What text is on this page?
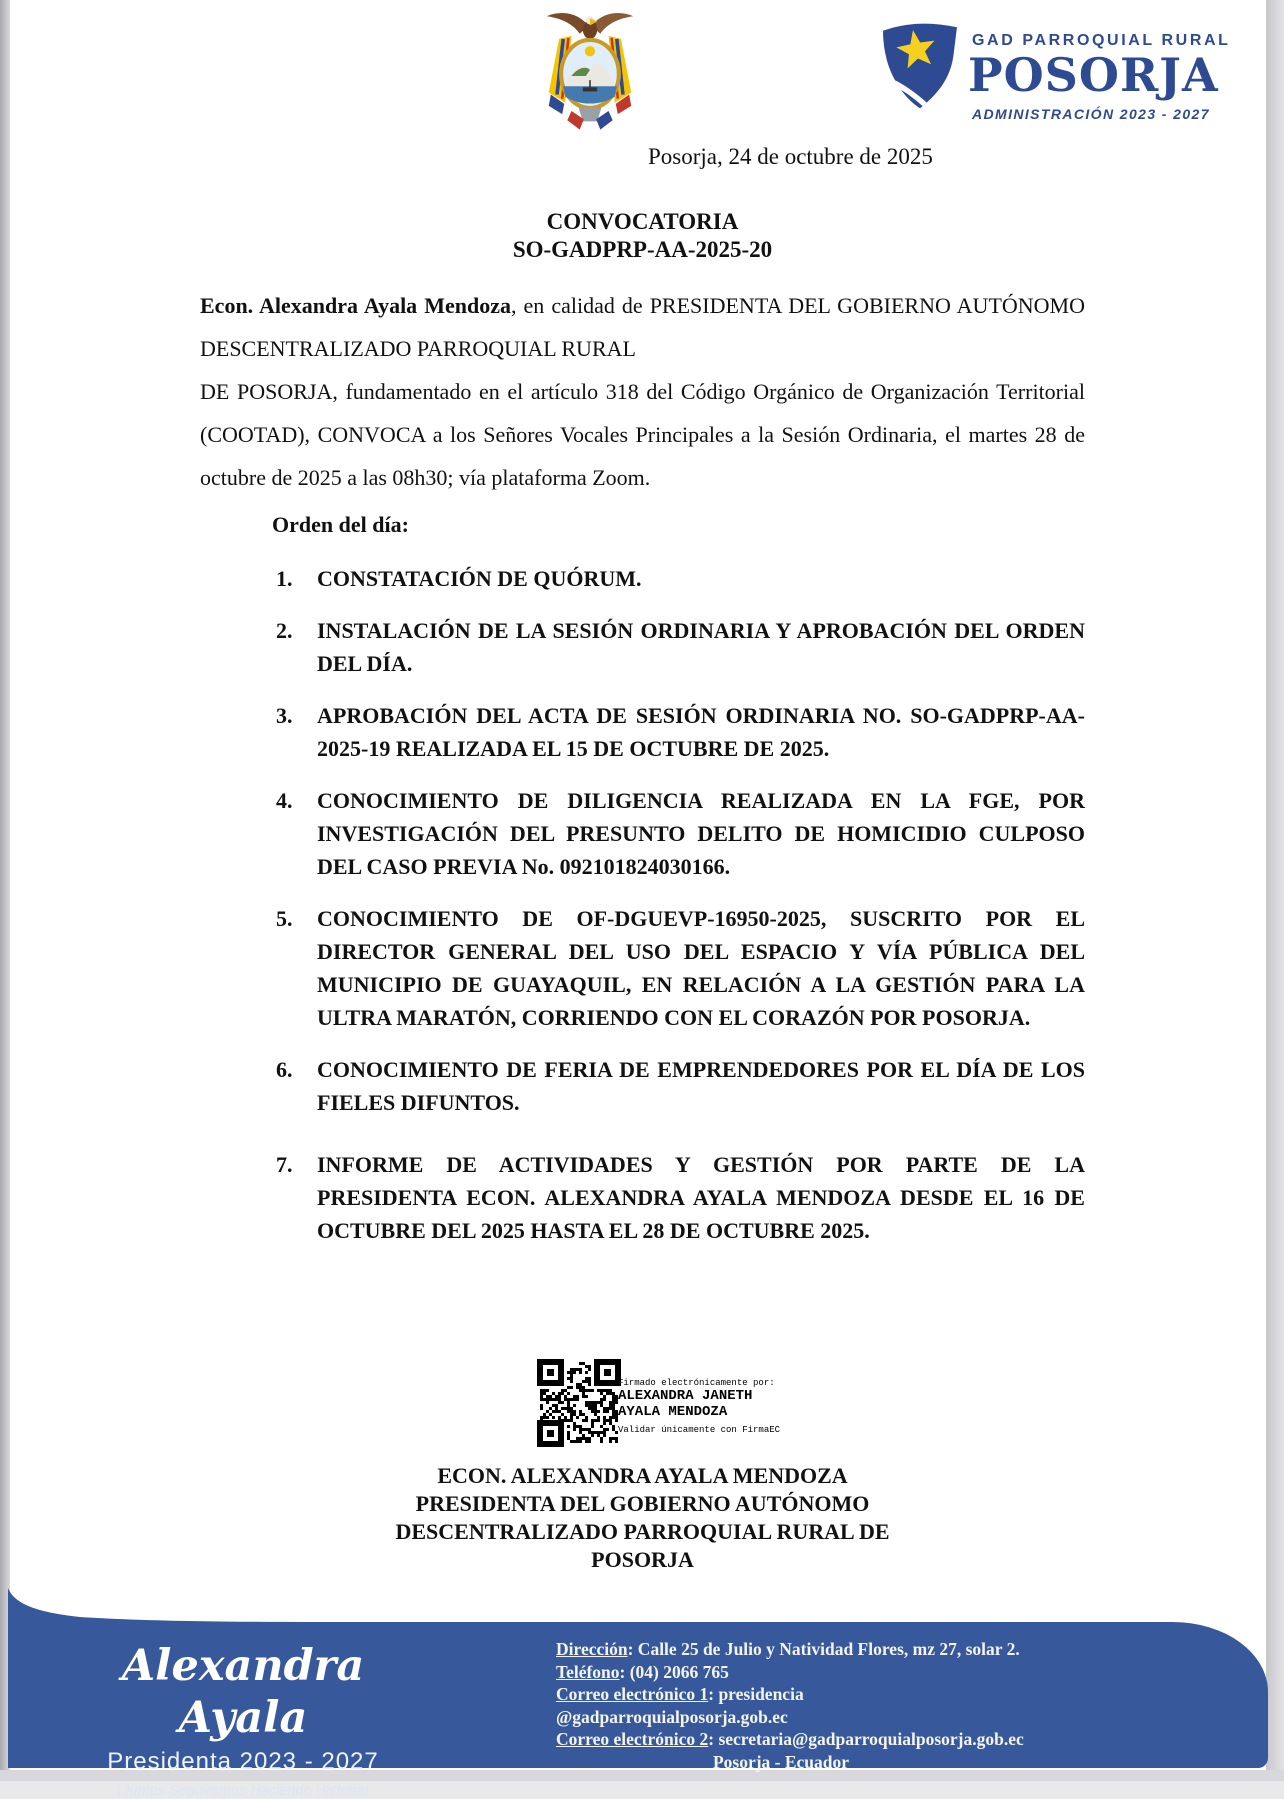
GAD PARROQUIAL RURAL
POSORJA
ADMINISTRACIÓN 2023 - 2027
Posorja, 24 de octubre de 2025
CONVOCATORIA
SO-GADPRP-AA-2025-20

Econ. Alexandra Ayala Mendoza, en calidad de PRESIDENTA DEL GOBIERNO AUTÓNOMO DESCENTRALIZADO PARROQUIAL RURAL

DE POSORJA, fundamentado en el artículo 318 del Código Orgánico de Organización Territorial (COOTAD), CONVOCA a los Señores Vocales Principales a la Sesión Ordinaria, el martes 28 de octubre de 2025 a las 08h30; vía plataforma Zoom.

Orden del día:
1.	CONSTATACIÓN DE QUÓRUM.
2.	INSTALACIÓN DE LA SESIÓN ORDINARIA Y APROBACIÓN DEL ORDEN DEL DÍA.
3.	APROBACIÓN DEL ACTA DE SESIÓN ORDINARIA NO. SO-GADPRP-AA-2025-19 REALIZADA EL 15 DE OCTUBRE DE 2025.
4.	CONOCIMIENTO DE DILIGENCIA REALIZADA EN LA FGE, POR INVESTIGACIÓN DEL PRESUNTO DELITO DE HOMICIDIO CULPOSO DEL CASO PREVIA No. 092101824030166.
5.	CONOCIMIENTO DE OF-DGUEVP-16950-2025, SUSCRITO POR EL DIRECTOR GENERAL DEL USO DEL ESPACIO Y VÍA PÚBLICA DEL MUNICIPIO DE GUAYAQUIL, EN RELACIÓN A LA GESTIÓN PARA LA ULTRA MARATÓN, CORRIENDO CON EL CORAZÓN POR POSORJA.
6.	CONOCIMIENTO DE FERIA DE EMPRENDEDORES POR EL DÍA DE LOS FIELES DIFUNTOS.
7.	INFORME DE ACTIVIDADES Y GESTIÓN POR PARTE DE LA PRESIDENTA ECON. ALEXANDRA AYALA MENDOZA DESDE EL 16 DE OCTUBRE DEL 2025 HASTA EL 28 DE OCTUBRE 2025.
Firmado electrónicamente por:
ALEXANDRA JANETH
AYALA MENDOZA
Validar únicamente con FirmaEC
ECON. ALEXANDRA AYALA MENDOZA
PRESIDENTA DEL GOBIERNO AUTÓNOMO
DESCENTRALIZADO PARROQUIAL RURAL DE
POSORJA
Alexandra Ayala
Presidenta 2023 - 2027
¡Juntos Seguiremos Haciendo Historia!
Dirección: Calle 25 de Julio y Natividad Flores, mz 27, solar 2.
Teléfono: (04) 2066 765
Correo electrónico 1: presidencia @gadparroquialposorja.gob.ec
Correo electrónico 2: secretaria@gadparroquialposorja.gob.ec
Posorja - Ecuador
